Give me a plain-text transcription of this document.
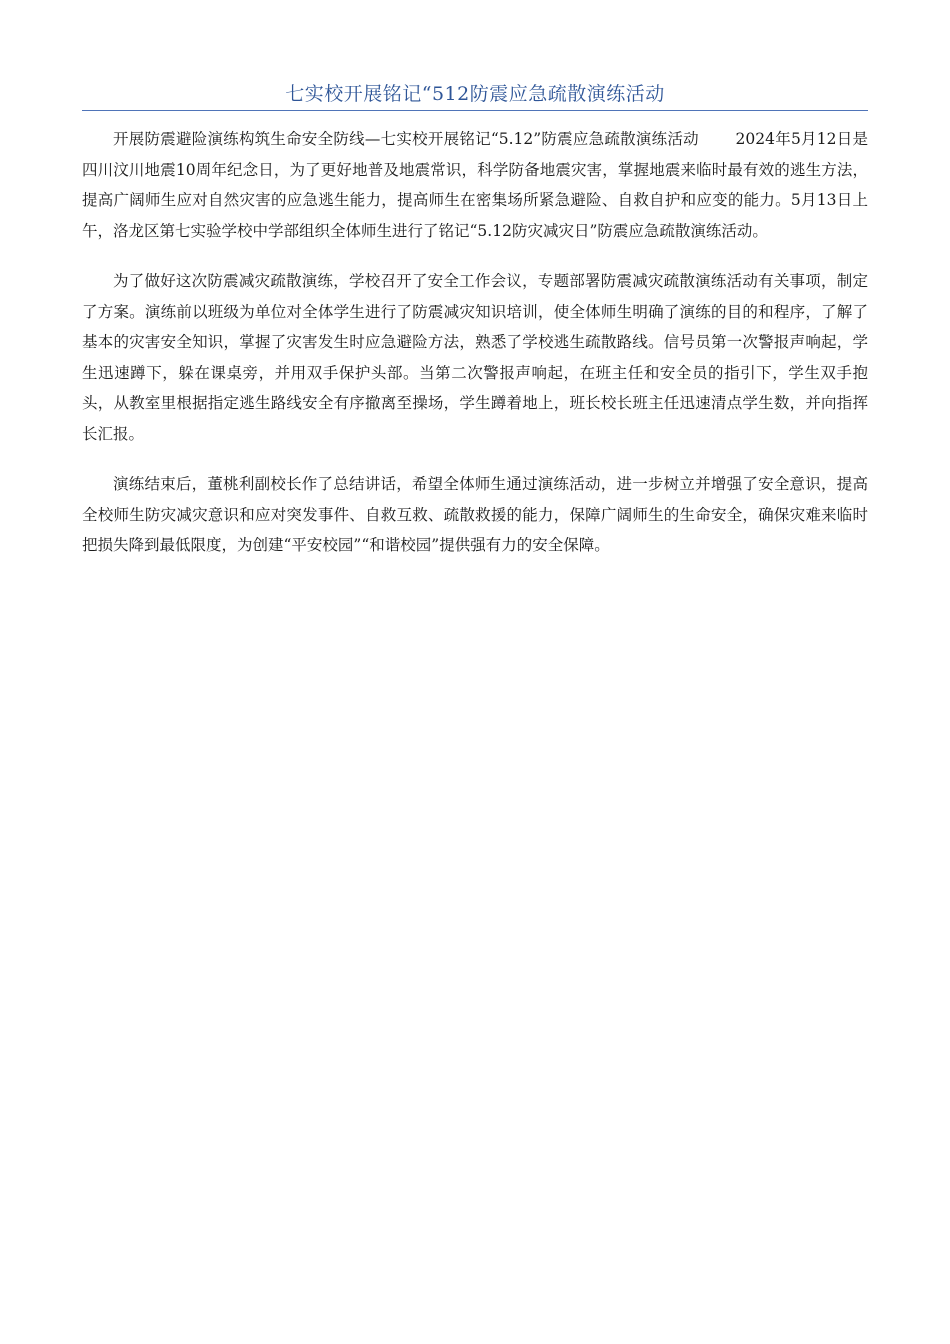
七实校开展铭记“512防震应急疏散演练活动

开展防震避险演练构筑生命安全防线—七实校开展铭记“5.12”防震应急疏散演练活动　　 2024年5月12日是四川汶川地震10周年纪念日，为了更好地普及地震常识，科学防备地震灾害，掌握地震来临时最有效的逃生方法，提高广阔师生应对自然灾害的应急逃生能力，提高师生在密集场所紧急避险、自救自护和应变的能力。5月13日上午，洛龙区第七实验学校中学部组织全体师生进行了铭记“5.12防灾减灾日”防震应急疏散演练活动。

为了做好这次防震减灾疏散演练，学校召开了安全工作会议，专题部署防震减灾疏散演练活动有关事项，制定了方案。演练前以班级为单位对全体学生进行了防震减灾知识培训，使全体师生明确了演练的目的和程序，了解了基本的灾害安全知识，掌握了灾害发生时应急避险方法，熟悉了学校逃生疏散路线。信号员第一次警报声响起，学生迅速蹲下，躲在课桌旁，并用双手保护头部。当第二次警报声响起，在班主任和安全员的指引下，学生双手抱头，从教室里根据指定逃生路线安全有序撤离至操场，学生蹲着地上，班长校长班主任迅速清点学生数，并向指挥长汇报。

演练结束后，董桃利副校长作了总结讲话，希望全体师生通过演练活动，进一步树立并增强了安全意识，提高全校师生防灾减灾意识和应对突发事件、自救互救、疏散救援的能力，保障广阔师生的生命安全，确保灾难来临时把损失降到最低限度，为创建“平安校园”“和谐校园”提供强有力的安全保障。
